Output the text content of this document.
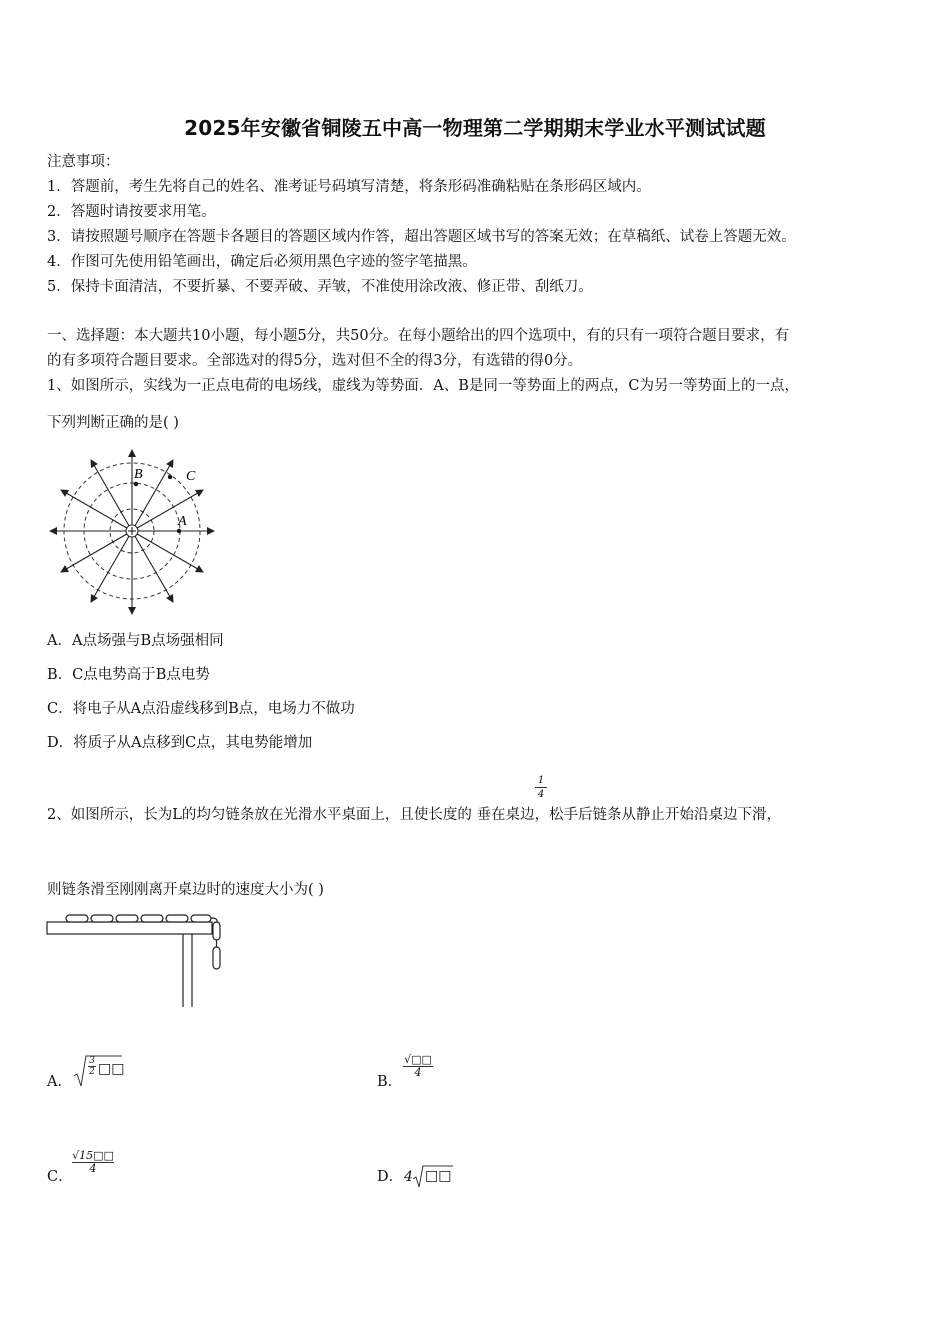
2025年安徽省铜陵五中高一物理第二学期期末学业水平测试试题
注意事项：
1．答题前，考生先将自己的姓名、准考证号码填写清楚，将条形码准确粘贴在条形码区域内。
2．答题时请按要求用笔。
3．请按照题号顺序在答题卡各题目的答题区域内作答，超出答题区域书写的答案无效；在草稿纸、试卷上答题无效。
4．作图可先使用铅笔画出，确定后必须用黑色字迹的签字笔描黑。
5．保持卡面清洁，不要折暴、不要弄破、弄皱，不准使用涂改液、修正带、刮纸刀。
一、选择题：本大题共10小题，每小题5分，共50分。在每小题给出的四个选项中，有的只有一项符合题目要求，有
的有多项符合题目要求。全部选对的得5分，选对但不全的得3分，有选错的得0分。
1、如图所示，实线为一正点电荷的电场线，虚线为等势面．A、B是同一等势面上的两点，C为另一等势面上的一点，
下列判断正确的是( )
B	C
A
A．A点场强与B点场强相同
B．C点电势高于B点电势
C．将电子从A点沿虚线移到B点，电场力不做功
D．将质子从A点移到C点，其电势能增加
1
4
2、如图所示，长为L的均匀链条放在光滑水平桌面上，且使长度的 垂在桌边，松手后链条从静止开始沿桌边下滑，
则链条滑至刚刚离开桌边时的速度大小为( )
A．
3
2 □□
B．
√□□
4
C．
√15□□
4
D． 4 □□
